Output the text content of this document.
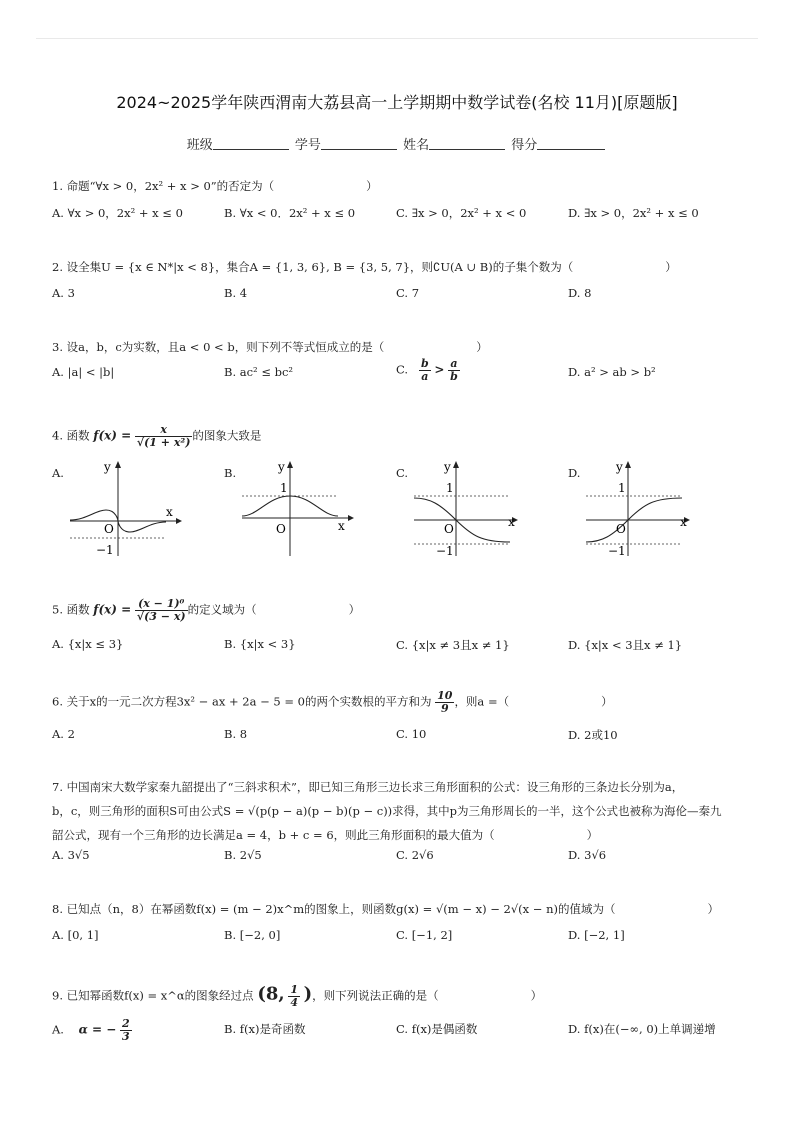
2024~2025学年陕西渭南大荔县高一上学期期中数学试卷(名校 11月)[原题版]
班级	学号	姓名	得分
1. 命题“∀x > 0，2x² + x > 0”的否定为（　　　　　　　　）
A. ∀x > 0，2x² + x ≤ 0	B. ∀x < 0．2x² + x ≤ 0	C. ∃x > 0，2x² + x < 0	D. ∃x > 0，2x² + x ≤ 0
2. 设全集U = {x ∈ N*|x < 8}，集合A = {1, 3, 6}, B = {3, 5, 7}，则∁U(A ∪ B)的子集个数为（　　　　　　　　）
A. 3	B. 4	C. 7	D. 8
3. 设a，b，c为实数，且a < 0 < b，则下列不等式恒成立的是（　　　　　　　　）
A. |a| < |b|	B. ac² ≤ bc²	C. $\frac{b}{a} > \frac{a}{b}$	D. a² > ab > b²
4. 函数 $f(x) = \frac{x}{\text{√(1 + x²)}}$ 的图象大致是
A.	B.	C.	D.
y
x
O
−1
y
x
O
1
y
x
O
1
−1
y
x
O
1
−1
5. 函数 $f(x) = \frac{\text{(x − 1)⁰}}{√(3 - x)}$ 的定义域为（　　　　　　　　）
A. {x|x ≤ 3}	B. {x|x < 3}	C. {x|x ≠ 3且x ≠ 1}	D. {x|x < 3且x ≠ 1}
6. 关于x的一元二次方程3x² − ax + 2a − 5 = 0的两个实数根的平方和为 $\frac{10}{9}$ ，则a =（　　　　　　　　）
A. 2	B. 8	C. 10	D. 2或10
7. 中国南宋大数学家秦九韶提出了“三斜求积术”，即已知三角形三边长求三角形面积的公式：设三角形的三条边长分别为a，
b，c，则三角形的面积S可由公式S = √(p(p − a)(p − b)(p − c))求得，其中p为三角形周长的一半，这个公式也被称为海伦—秦九
韶公式，现有一个三角形的边长满足a = 4，b + c = 6，则此三角形面积的最大值为（　　　　　　　　）
A. 3√5	B. 2√5	C. 2√6	D. 3√6
8. 已知点（n，8）在幂函数f(x) = (m − 2)x^m的图象上，则函数g(x) = √(m − x) − 2√(x − n)的值域为（　　　　　　　　）
A. [0, 1]	B. [−2, 0]	C. [−1, 2]	D. [−2, 1]
9. 已知幂函数f(x) = x^α的图象经过点 (8, $\frac{1}{4}$ )，则下列说法正确的是（　　　　　　　　）
A. α = − $\frac{2}{3}$	B. f(x)是奇函数	C. f(x)是偶函数	D. f(x)在(−∞, 0)上单调递增
